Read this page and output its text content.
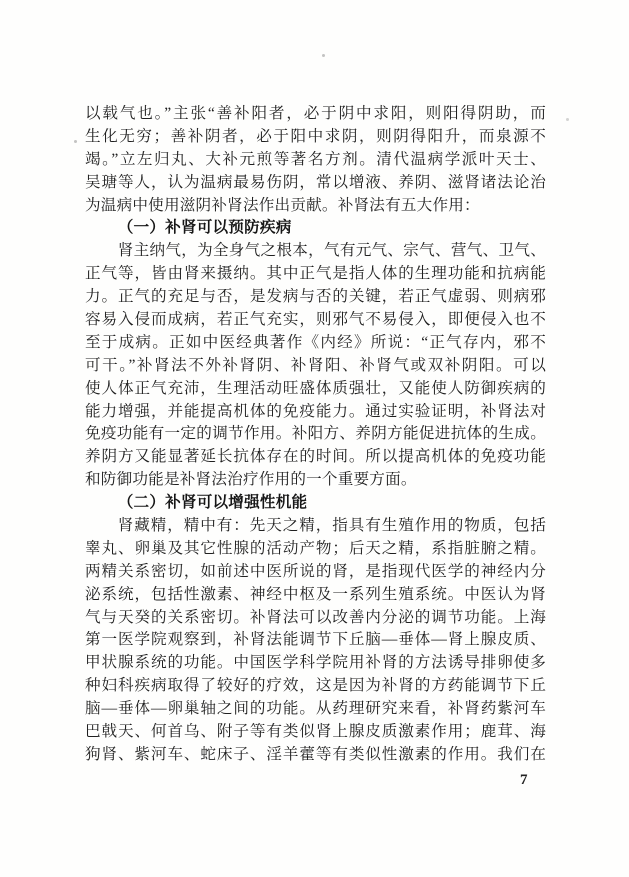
以载气也。”主张“善补阳者，必于阴中求阳，则阳得阴助，而
生化无穷；善补阴者，必于阳中求阴，则阴得阳升，而泉源不
竭。”立左归丸、大补元煎等著名方剂。清代温病学派叶天士、
吴瑭等人，认为温病最易伤阴，常以增液、养阴、滋肾诸法论治
为温病中使用滋阴补肾法作出贡献。补肾法有五大作用：
（一）补肾可以预防疾病
肾主纳气，为全身气之根本，气有元气、宗气、营气、卫气、
正气等，皆由肾来摄纳。其中正气是指人体的生理功能和抗病能
力。正气的充足与否，是发病与否的关键，若正气虚弱、则病邪
容易入侵而成病，若正气充实，则邪气不易侵入，即便侵入也不
至于成病。正如中医经典著作《内经》所说：“正气存内，邪不
可干。”补肾法不外补肾阴、补肾阳、补肾气或双补阴阳。可以
使人体正气充沛，生理活动旺盛体质强壮，又能使人防御疾病的
能力增强，并能提高机体的免疫能力。通过实验证明，补肾法对
免疫功能有一定的调节作用。补阳方、养阴方能促进抗体的生成。
养阴方又能显著延长抗体存在的时间。所以提高机体的免疫功能
和防御功能是补肾法治疗作用的一个重要方面。
（二）补肾可以增强性机能
肾藏精，精中有：先天之精，指具有生殖作用的物质，包括
睾丸、卵巢及其它性腺的活动产物；后天之精，系指脏腑之精。
两精关系密切，如前述中医所说的肾，是指现代医学的神经内分
泌系统，包括性激素、神经中枢及一系列生殖系统。中医认为肾
气与天癸的关系密切。补肾法可以改善内分泌的调节功能。上海
第一医学院观察到，补肾法能调节下丘脑—垂体—肾上腺皮质、
甲状腺系统的功能。中国医学科学院用补肾的方法诱导排卵使多
种妇科疾病取得了较好的疗效，这是因为补肾的方药能调节下丘
脑—垂体—卵巢轴之间的功能。从药理研究来看，补肾药紫河车
巴戟天、何首乌、附子等有类似肾上腺皮质激素作用；鹿茸、海
狗肾、紫河车、蛇床子、淫羊藿等有类似性激素的作用。我们在
7
